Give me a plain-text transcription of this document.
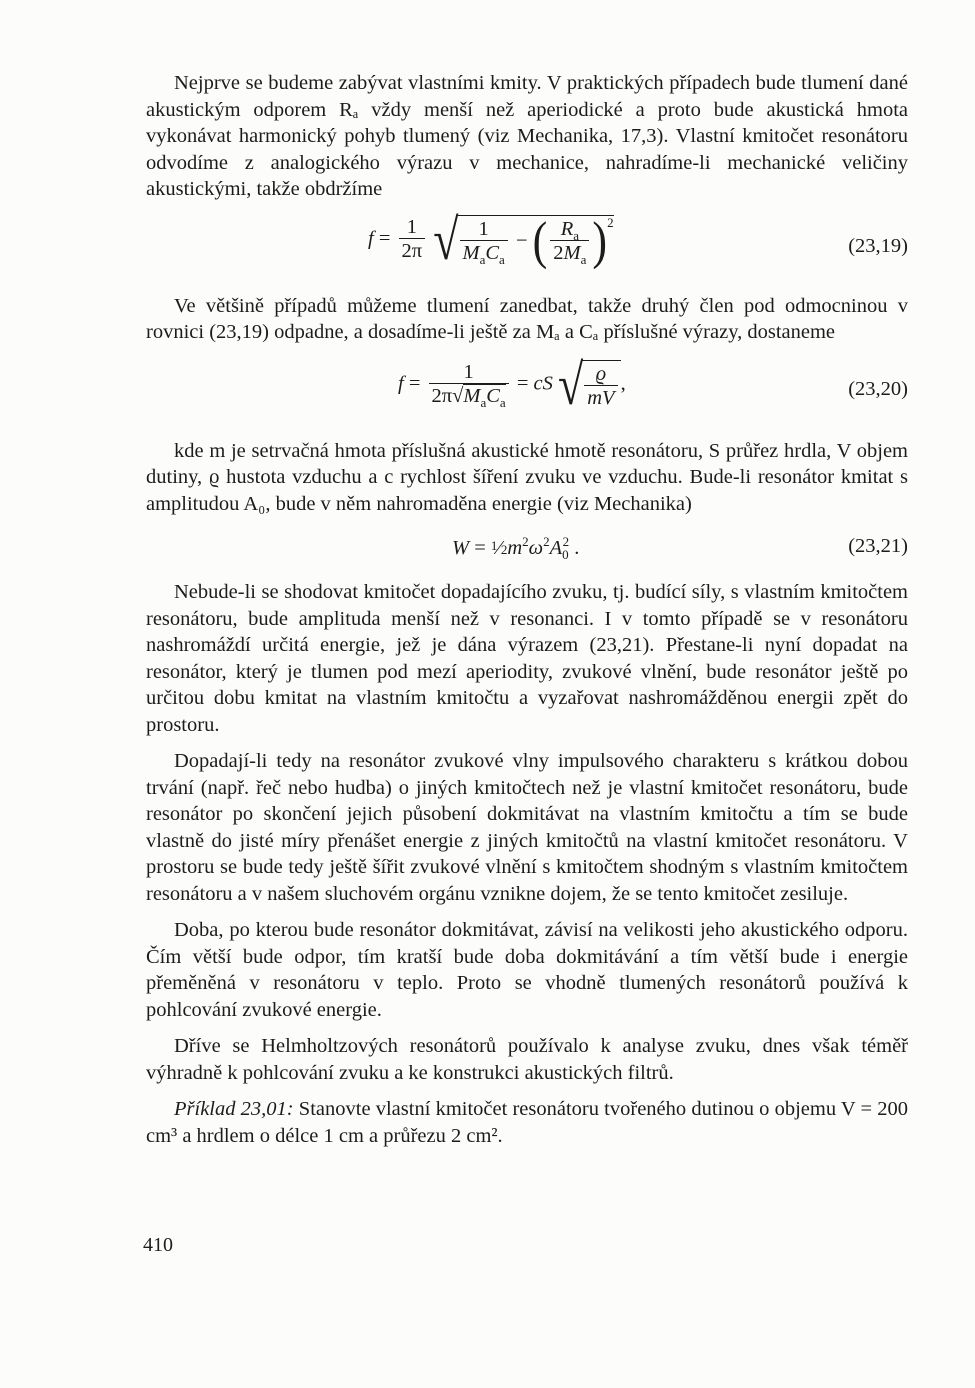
Nejprve se budeme zabývat vlastními kmity. V praktických případech bude tlumení dané akustickým odporem Rₐ vždy menší než aperiodické a proto bude akustická hmota vykonávat harmonický pohyb tlumený (viz Mechanika, 17,3). Vlastní kmitočet resonátoru odvodíme z analogického výrazu v mechanice, nahradíme-li mechanické veličiny akustickými, takže obdržíme

$f = \frac{1}{2\pi}$
√ $\frac{1}{M_aC_a}$ − ( $\frac{R_a}{2M_a} )^2$
(23,19)

Ve většině případů můžeme tlumení zanedbat, takže druhý člen pod odmocninou v rovnici (23,19) odpadne, a dosadíme-li ještě za Mₐ a Cₐ příslušné výrazy, dostaneme

$f = \frac{1}{2\pi√M_aC_a}$ = cS √ $\frac{ϱ}{mV}$ ,	(23,20)

kde m je setrvačná hmota příslušná akustické hmotě resonátoru, S průřez hrdla, V objem dutiny, ϱ hustota vzduchu a c rychlost šíření zvuku ve vzduchu. Bude-li resonátor kmitat s amplitudou A₀, bude v něm nahromaděna energie (viz Mechanika)

$W = 1⁄2m^2\omega^2A_0^2$ .	(23,21)

Nebude-li se shodovat kmitočet dopadajícího zvuku, tj. budící síly, s vlastním kmitočtem resonátoru, bude amplituda menší než v resonanci. I v tomto případě se v resonátoru nashromáždí určitá energie, jež je dána výrazem (23,21). Přestane-li nyní dopadat na resonátor, který je tlumen pod mezí aperiodity, zvukové vlnění, bude resonátor ještě po určitou dobu kmitat na vlastním kmitočtu a vyzařovat nashromážděnou energii zpět do prostoru.

Dopadají-li tedy na resonátor zvukové vlny impulsového charakteru s krátkou dobou trvání (např. řeč nebo hudba) o jiných kmitočtech než je vlastní kmitočet resonátoru, bude resonátor po skončení jejich působení dokmitávat na vlastním kmitočtu a tím se bude vlastně do jisté míry přenášet energie z jiných kmitočtů na vlastní kmitočet resonátoru. V prostoru se bude tedy ještě šířit zvukové vlnění s kmitočtem shodným s vlastním kmitočtem resonátoru a v našem sluchovém orgánu vznikne dojem, že se tento kmitočet zesiluje.

Doba, po kterou bude resonátor dokmitávat, závisí na velikosti jeho akustického odporu. Čím větší bude odpor, tím kratší bude doba dokmitávání a tím větší bude i energie přeměněná v resonátoru v teplo. Proto se vhodně tlumených resonátorů používá k pohlcování zvukové energie.

Dříve se Helmholtzových resonátorů používalo k analyse zvuku, dnes však téměř výhradně k pohlcování zvuku a ke konstrukci akustických filtrů.

Příklad 23,01: Stanovte vlastní kmitočet resonátoru tvořeného dutinou o objemu V = 200 cm³ a hrdlem o délce 1 cm a průřezu 2 cm².

410
